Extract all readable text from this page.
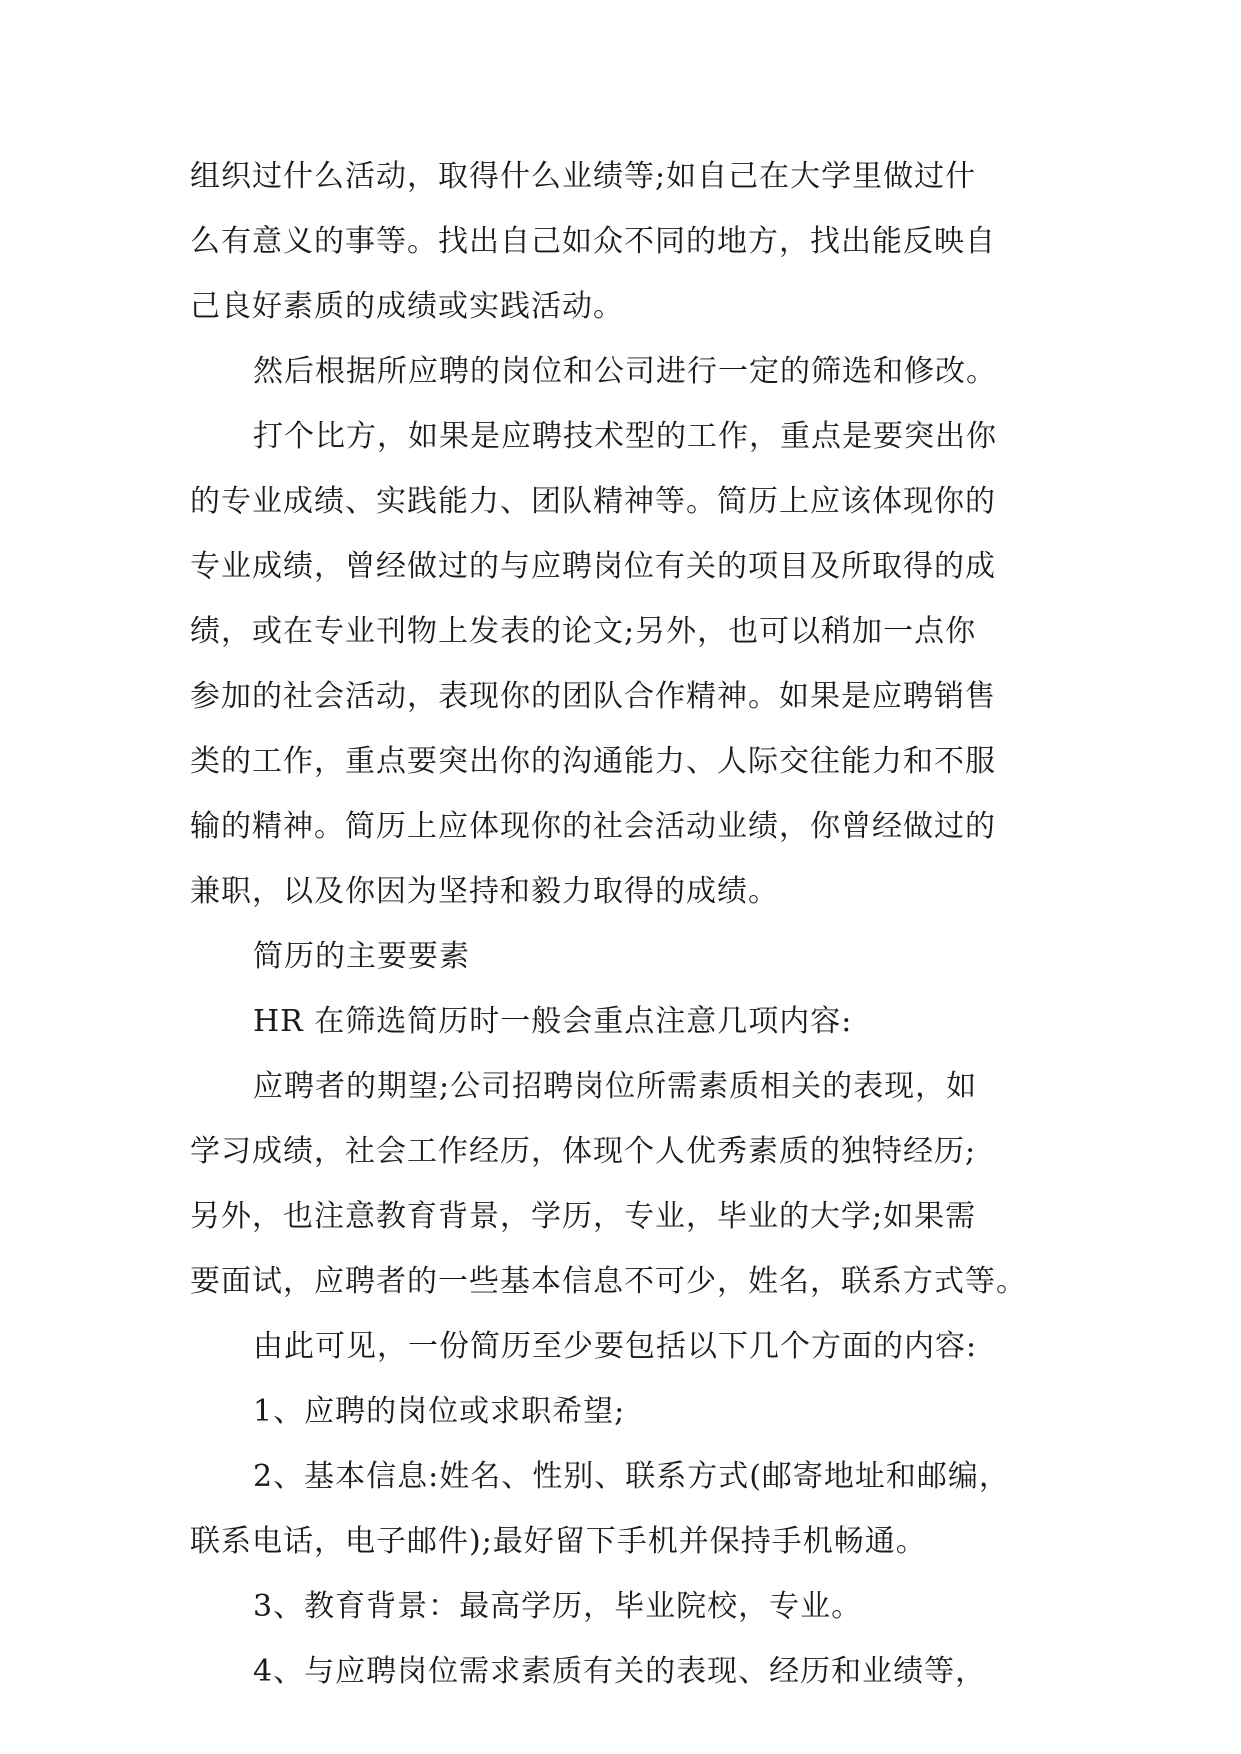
组织过什么活动，取得什么业绩等;如自己在大学里做过什
么有意义的事等。找出自己如众不同的地方，找出能反映自
己良好素质的成绩或实践活动。
然后根据所应聘的岗位和公司进行一定的筛选和修改。
打个比方，如果是应聘技术型的工作，重点是要突出你
的专业成绩、实践能力、团队精神等。简历上应该体现你的
专业成绩，曾经做过的与应聘岗位有关的项目及所取得的成
绩，或在专业刊物上发表的论文;另外，也可以稍加一点你
参加的社会活动，表现你的团队合作精神。如果是应聘销售
类的工作，重点要突出你的沟通能力、人际交往能力和不服
输的精神。简历上应体现你的社会活动业绩，你曾经做过的
兼职，以及你因为坚持和毅力取得的成绩。
简历的主要要素
HR 在筛选简历时一般会重点注意几项内容:
应聘者的期望;公司招聘岗位所需素质相关的表现，如
学习成绩，社会工作经历，体现个人优秀素质的独特经历;
另外，也注意教育背景，学历，专业，毕业的大学;如果需
要面试，应聘者的一些基本信息不可少，姓名，联系方式等。
由此可见，一份简历至少要包括以下几个方面的内容:
1、应聘的岗位或求职希望;
2、基本信息:姓名、性别、联系方式(邮寄地址和邮编，
联系电话，电子邮件);最好留下手机并保持手机畅通。
3、教育背景：最高学历，毕业院校，专业。
4、与应聘岗位需求素质有关的表现、经历和业绩等，
